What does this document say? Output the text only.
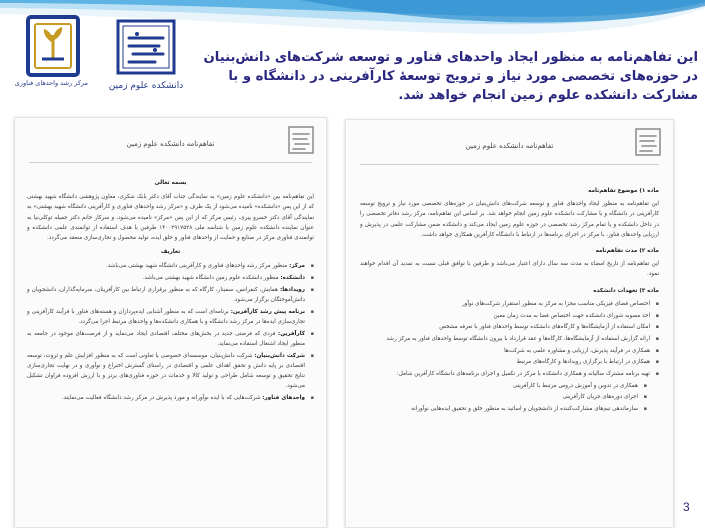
مرکز رشد واحدهای فناوری	دانشکده علوم زمین
این تفاهم‌نامه به منظور ایجاد واحدهای فناور و توسعه شرکت‌های دانش‌بنیان در حوزه‌های تخصصی مورد نیاز و ترویج توسعهٔ کارآفرینی در دانشگاه و با مشارکت دانشکده علوم زمین انجام خواهد شد.
تفاهم‌نامه دانشکده علوم زمین
بسمه تعالی
این تفاهم‌نامه بین «دانشکده علوم زمین» به نمایندگی جناب آقای دکتر بابک شکری، معاون پژوهشی دانشگاه شهید بهشتی که از این پس «دانشکده» نامیده می‌شود از یک طرف و «مرکز رشد واحدهای فناوری و کارآفرینی دانشگاه شهید بهشتی» به نمایندگی آقای دکتر خسرو پیری، رئیس مرکز که از این پس «مرکز» نامیده می‌شود، و سرکار خانم دکتر جمیله توکلی‌نیا به عنوان نماینده دانشکده علوم زمین با شناسه ملی ۱۴۰۰۲۹۱۷۵۲۸ طرفین با هدف استفاده از توانمندی علمی دانشکده و توانمندی فناوری مرکز در صنایع و حمایت از واحدهای فناور و خلق ایده، تولید محصول و تجاری‌سازی منعقد می‌گردد.
تعاریف
▪ مرکز: منظور مرکز رشد واحدهای فناوری و کارآفرینی دانشگاه شهید بهشتی می‌باشد.
▪ دانشکده: منظور دانشکده علوم زمین دانشگاه شهید بهشتی می‌باشد.
▪ رویدادها: همایش، کنفرانس، سمینار، کارگاه که به منظور برقراری ارتباط بین کارآفرینان، سرمایه‌گذاران، دانشجویان و دانش‌آموختگان برگزار می‌شود.
▪ برنامه پیش رشد کارآفرین: برنامه‌ای است که به منظور آشنایی ایده‌پردازان و هسته‌های فناور با فرآیند کارآفرینی و تجاری‌سازی ایده‌ها در مرکز رشد دانشگاه و با همکاری دانشکده‌ها و واحدهای مرتبط اجرا می‌گردد.
▪ کارآفرین: فردی که فرصتی جدید در بخش‌های مختلف اقتصادی ایجاد می‌نماید و از فرصت‌های موجود در جامعه به منظور ایجاد اشتغال استفاده می‌نماید.
▪ شرکت دانش‌بنیان: شرکت دانش‌بنیان، موسسه‌ای خصوصی یا تعاونی است که به منظور افزایش علم و ثروت، توسعه اقتصادی بر پایه دانش و تحقق اهداف علمی و اقتصادی در راستای گسترش اختراع و نوآوری و در نهایت تجاری‌سازی نتایج تحقیق و توسعه شامل طراحی و تولید کالا و خدمات در حوزه فناوری‌های برتر و با ارزش افزوده فراوان تشکیل می‌شود.
▪ واحدهای فناور: شرکت‌هایی که با ایده نوآورانه و مورد پذیرش در مرکز رشد دانشگاه فعالیت می‌نمایند.
تفاهم‌نامه دانشکده علوم زمین
ماده ۱) موضوع تفاهم‌نامه
این تفاهم‌نامه به منظور ایجاد واحدهای فناور و توسعه شرکت‌های دانش‌بنیان در حوزه‌های تخصصی مورد نیاز و ترویج توسعه کارآفرینی در دانشگاه و با مشارکت دانشکده علوم زمین انجام خواهد شد. بر اساس این تفاهم‌نامه، مرکز رشد دفاتر تخصصی را در داخل دانشکده و یا تمام مرکز رشد تخصصی در حوزه علوم زمین ایجاد می‌کند و دانشکده ضمن مشارکت علمی در پذیرش و ارزیابی واحدهای فناور، با مرکز در اجرای برنامه‌ها در ارتباط با دانشگاه کارآفرین همکاری خواهد داشت.
ماده ۲) مدت تفاهم‌نامه
این تفاهم‌نامه از تاریخ امضاء به مدت سه سال دارای اعتبار می‌باشد و طرفین با توافق قبلی نسبت به تمدید آن اقدام خواهند نمود.
ماده ۳) تعهدات دانشکده
▪ اختصاص فضای فیزیکی مناسب مجزا به مرکز به منظور استقرار شرکت‌های نوآور
▪ اخذ مصوبه شورای دانشکده جهت اختصاص فضا به مدت زمان معین
▪ امکان استفاده از آزمایشگاه‌ها و کارگاه‌های دانشکده توسط واحدهای فناور با تعرفه مشخص
▪ ارائه گزارش استفاده از آزمایشگاه‌ها، کارگاه‌ها و عقد قرارداد با بیرون دانشگاه توسط واحدهای فناور به مرکز رشد
▪ همکاری در فرآیند پذیرش، ارزیابی و مشاوره علمی به شرکت‌ها
▪ همکاری در ارتباط با برگزاری رویدادها و کارگاه‌های مرتبط
▪ تهیه برنامه مشترک سالیانه و همکاری دانشکده با مرکز در تکمیل و اجرای برنامه‌های دانشگاه کارآفرین شامل:
▪ همکاری در تدوین و آموزش دروس مرتبط با کارآفرینی
▪ اجرای دوره‌های جریان کارآفرینی
▪ سازماندهی تیم‌های مشارکت‌کننده از دانشجویان و اساتید به منظور خلق و تحقیق ایده‌هایی نوآورانه
3
